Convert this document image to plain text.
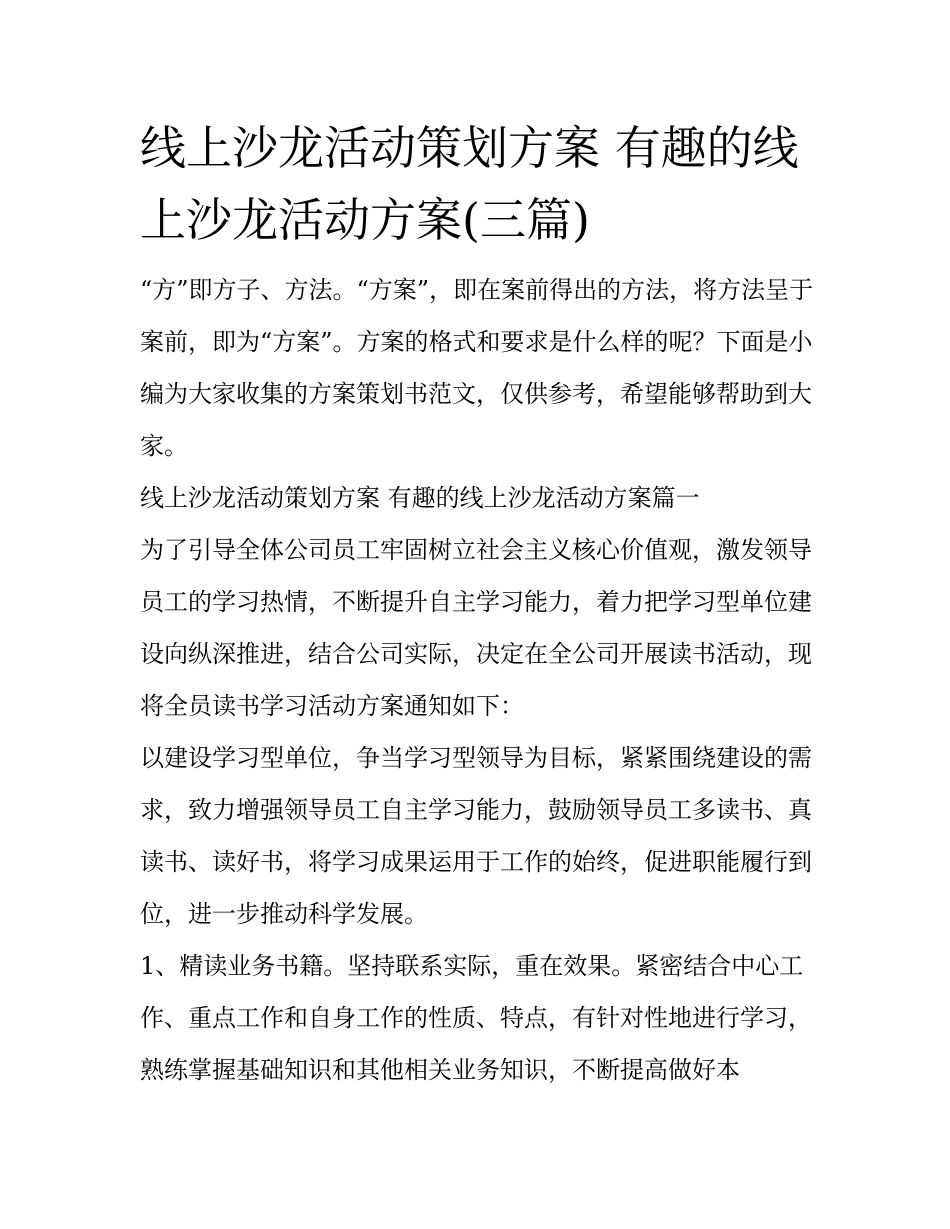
线上沙龙活动策划方案 有趣的线上沙龙活动方案(三篇)

“方”即方子、方法。“方案”，即在案前得出的方法，将方法呈于案前，即为“方案”。方案的格式和要求是什么样的呢？下面是小编为大家收集的方案策划书范文，仅供参考，希望能够帮助到大家。

线上沙龙活动策划方案 有趣的线上沙龙活动方案篇一

为了引导全体公司员工牢固树立社会主义核心价值观，激发领导员工的学习热情，不断提升自主学习能力，着力把学习型单位建设向纵深推进，结合公司实际，决定在全公司开展读书活动，现将全员读书学习活动方案通知如下：

以建设学习型单位，争当学习型领导为目标，紧紧围绕建设的需求，致力增强领导员工自主学习能力，鼓励领导员工多读书、真读书、读好书，将学习成果运用于工作的始终，促进职能履行到位，进一步推动科学发展。

1、精读业务书籍。坚持联系实际，重在效果。紧密结合中心工作、重点工作和自身工作的性质、特点，有针对性地进行学习，熟练掌握基础知识和其他相关业务知识，不断提高做好本
